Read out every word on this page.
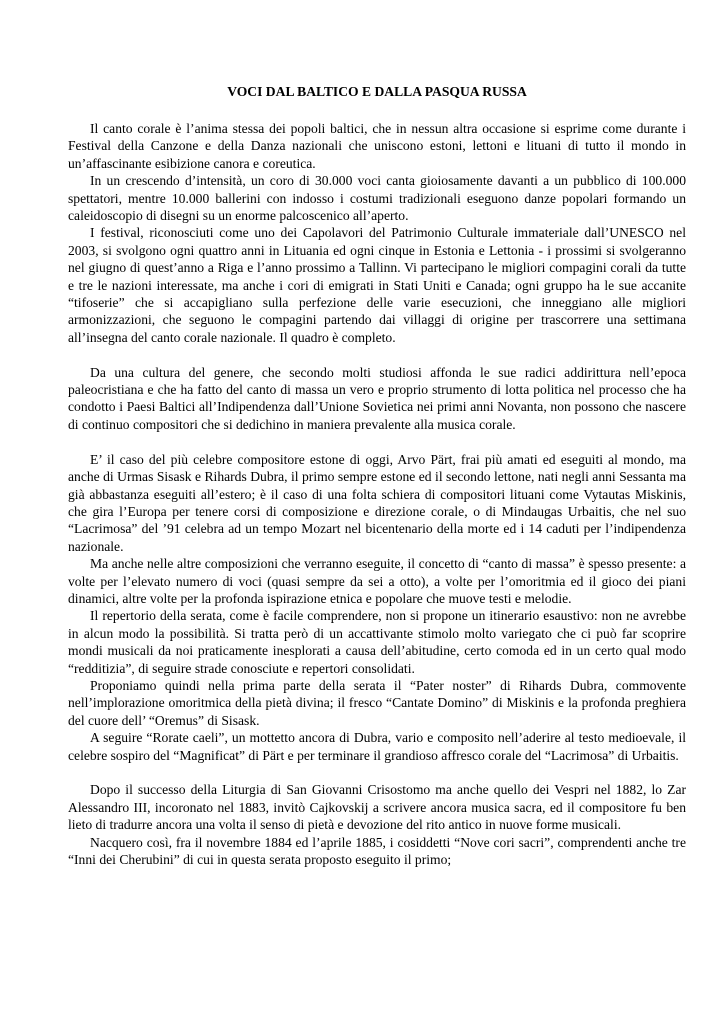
VOCI DAL BALTICO E DALLA PASQUA RUSSA

Il canto corale è l’anima stessa dei popoli baltici, che in nessun altra occasione si esprime come durante i Festival della Canzone e della Danza nazionali che uniscono estoni, lettoni e lituani di tutto il mondo in un’affascinante esibizione canora e coreutica.

In un crescendo d’intensità, un coro di 30.000 voci canta gioiosamente davanti a un pubblico di 100.000 spettatori, mentre 10.000 ballerini con indosso i costumi tradizionali eseguono danze popolari formando un caleidoscopio di disegni su un enorme palcoscenico all’aperto.

I festival, riconosciuti come uno dei Capolavori del Patrimonio Culturale immateriale dall’UNESCO nel 2003, si svolgono ogni quattro anni in Lituania ed ogni cinque in Estonia e Lettonia - i prossimi si svolgeranno nel giugno di quest’anno a Riga e l’anno prossimo a Tallinn. Vi partecipano le migliori compagini corali da tutte e tre le nazioni interessate, ma anche i cori di emigrati in Stati Uniti e Canada; ogni gruppo ha le sue accanite “tifoserie” che si accapigliano sulla perfezione delle varie esecuzioni, che inneggiano alle migliori armonizzazioni, che seguono le compagini partendo dai villaggi di origine per trascorrere una settimana all’insegna del canto corale nazionale. Il quadro è completo.

Da una cultura del genere, che secondo molti studiosi affonda le sue radici addirittura nell’epoca paleocristiana e che ha fatto del canto di massa un vero e proprio strumento di lotta politica nel processo che ha condotto i Paesi Baltici all’Indipendenza dall’Unione Sovietica nei primi anni Novanta, non possono che nascere di continuo compositori che si dedichino in maniera prevalente alla musica corale.

E’ il caso del più celebre compositore estone di oggi, Arvo Pärt, frai più amati ed eseguiti al mondo, ma anche di Urmas Sisask e Rihards Dubra, il primo sempre estone ed il secondo lettone, nati negli anni Sessanta ma già abbastanza eseguiti all’estero; è il caso di una folta schiera di compositori lituani come Vytautas Miskinis, che gira l’Europa per tenere corsi di composizione e direzione corale, o di Mindaugas Urbaitis, che nel suo “Lacrimosa” del ’91 celebra ad un tempo Mozart nel bicentenario della morte ed i 14 caduti per l’indipendenza nazionale.

Ma anche nelle altre composizioni che verranno eseguite, il concetto di “canto di massa” è spesso presente: a volte per l’elevato numero di voci (quasi sempre da sei a otto), a volte per l’omoritmia ed il gioco dei piani dinamici, altre volte per la profonda ispirazione etnica e popolare che muove testi e melodie.

Il repertorio della serata, come è facile comprendere, non si propone un itinerario esaustivo: non ne avrebbe in alcun modo la possibilità. Si tratta però di un accattivante stimolo molto variegato che ci può far scoprire mondi musicali da noi praticamente inesplorati a causa dell’abitudine, certo comoda ed in un certo qual modo “redditizia”, di seguire strade conosciute e repertori consolidati.

Proponiamo quindi nella prima parte della serata il “Pater noster” di Rihards Dubra, commovente nell’implorazione omoritmica della pietà divina; il fresco “Cantate Domino” di Miskinis e la profonda preghiera del cuore dell’ “Oremus” di Sisask.

A seguire “Rorate caeli”, un mottetto ancora di Dubra, vario e composito nell’aderire al testo medioevale, il celebre sospiro del “Magnificat” di Pärt e per terminare il grandioso affresco corale del “Lacrimosa” di Urbaitis.

Dopo il successo della Liturgia di San Giovanni Crisostomo ma anche quello dei Vespri nel 1882, lo Zar Alessandro III, incoronato nel 1883, invitò Cajkovskij a scrivere ancora musica sacra, ed il compositore fu ben lieto di tradurre ancora una volta il senso di pietà e devozione del rito antico in nuove forme musicali.

Nacquero così, fra il novembre 1884 ed l’aprile 1885, i cosiddetti “Nove cori sacri”, comprendenti anche tre “Inni dei Cherubini” di cui in questa serata proposto eseguito il primo;
